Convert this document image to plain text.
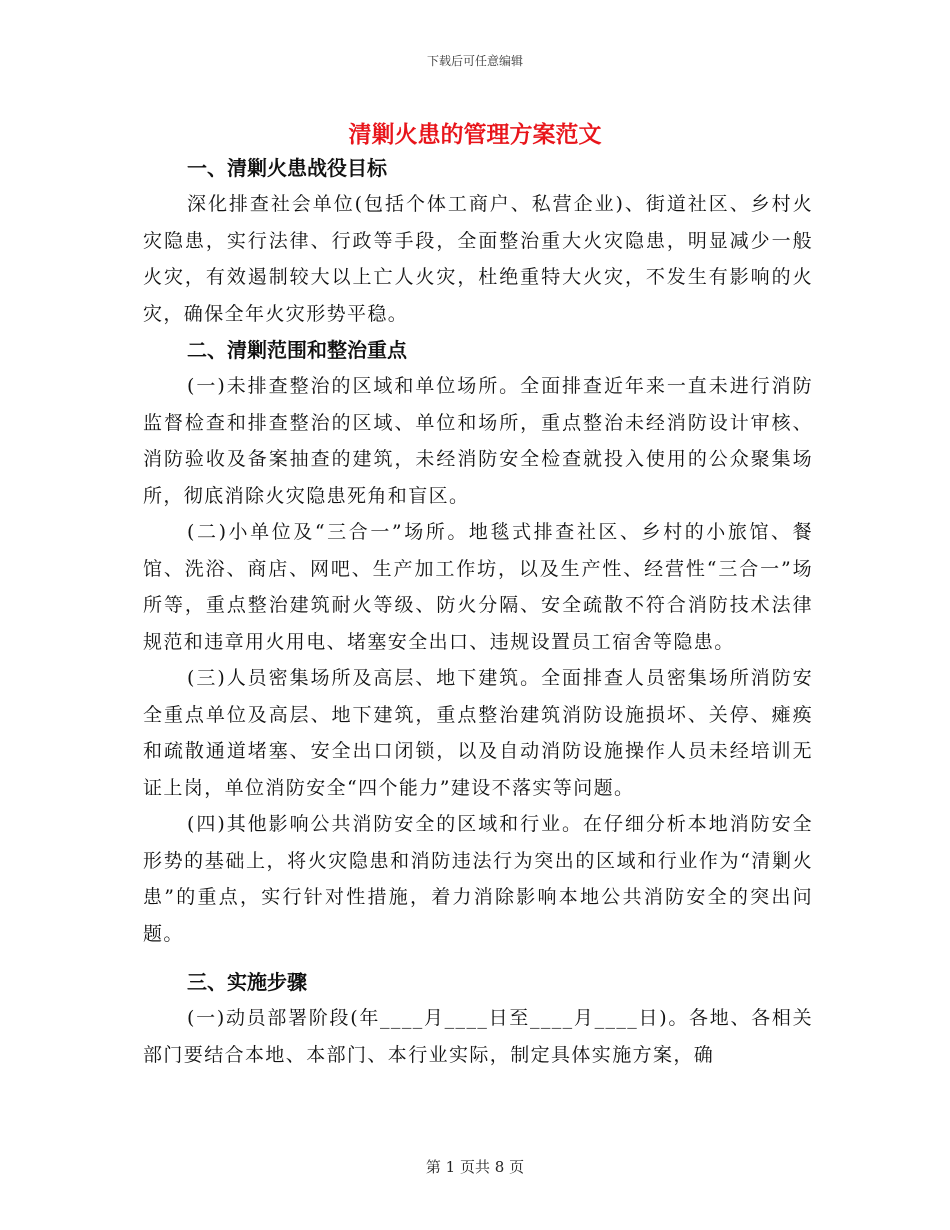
下载后可任意编辑
清剿火患的管理方案范文
一、清剿火患战役目标

深化排查社会单位(包括个体工商户、私营企业)、街道社区、乡村火灾隐患，实行法律、行政等手段，全面整治重大火灾隐患，明显减少一般火灾，有效遏制较大以上亡人火灾，杜绝重特大火灾，不发生有影响的火灾，确保全年火灾形势平稳。

二、清剿范围和整治重点

(一)未排查整治的区域和单位场所。全面排查近年来一直未进行消防监督检查和排查整治的区域、单位和场所，重点整治未经消防设计审核、消防验收及备案抽查的建筑，未经消防安全检查就投入使用的公众聚集场所，彻底消除火灾隐患死角和盲区。

(二)小单位及“三合一”场所。地毯式排查社区、乡村的小旅馆、餐馆、洗浴、商店、网吧、生产加工作坊，以及生产性、经营性“三合一”场所等，重点整治建筑耐火等级、防火分隔、安全疏散不符合消防技术法律规范和违章用火用电、堵塞安全出口、违规设置员工宿舍等隐患。

(三)人员密集场所及高层、地下建筑。全面排查人员密集场所消防安全重点单位及高层、地下建筑，重点整治建筑消防设施损坏、关停、瘫痪和疏散通道堵塞、安全出口闭锁，以及自动消防设施操作人员未经培训无证上岗，单位消防安全“四个能力”建设不落实等问题。

(四)其他影响公共消防安全的区域和行业。在仔细分析本地消防安全形势的基础上，将火灾隐患和消防违法行为突出的区域和行业作为“清剿火患”的重点，实行针对性措施，着力消除影响本地公共消防安全的突出问题。

三、实施步骤

(一)动员部署阶段(年____月____日至____月____日)。各地、各相关部门要结合本地、本部门、本行业实际，制定具体实施方案，确

第 1 页共 8 页
